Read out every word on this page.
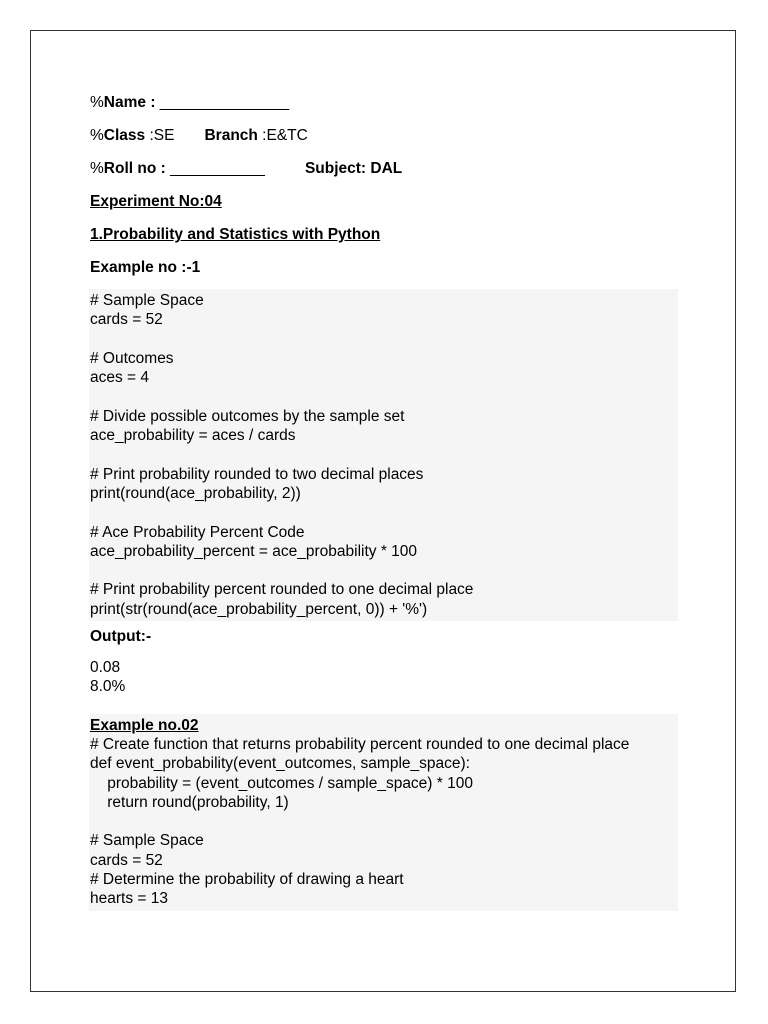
%Name : _______________
%Class :SE Branch :E&TC
%Roll no : ___________	Subject: DAL
Experiment No:04
1.Probability and Statistics with Python
Example no :-1
# Sample Space
cards = 52
# Outcomes
aces = 4
# Divide possible outcomes by the sample set
ace_probability = aces / cards
# Print probability rounded to two decimal places
print(round(ace_probability, 2))
# Ace Probability Percent Code
ace_probability_percent = ace_probability * 100
# Print probability percent rounded to one decimal place
print(str(round(ace_probability_percent, 0)) + '%')
Output:-
0.08
8.0%
Example no.02
# Create function that returns probability percent rounded to one decimal place
def event_probability(event_outcomes, sample_space):
probability = (event_outcomes / sample_space) * 100
return round(probability, 1)
# Sample Space
cards = 52
# Determine the probability of drawing a heart
hearts = 13
